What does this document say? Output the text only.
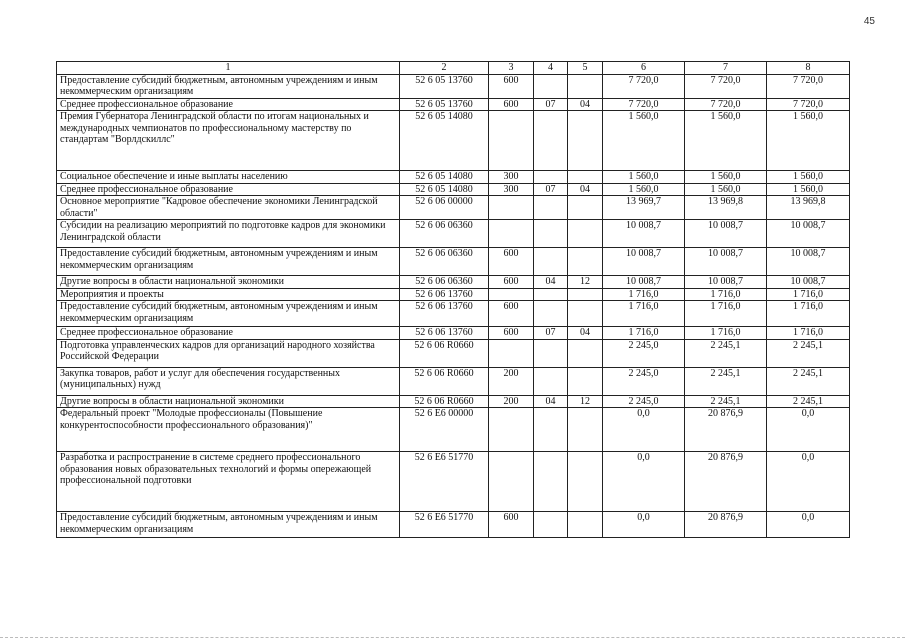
45
1	2	3	4	5	6	7	8
Предоставление субсидий бюджетным, автономным учреждениям и иным некоммерческим организациям	52 6 05 13760	600			7 720,0	7 720,0	7 720,0
Среднее профессиональное образование	52 6 05 13760	600	07	04	7 720,0	7 720,0	7 720,0
Премия Губернатора Ленинградской области по итогам национальных и международных чемпионатов по профессиональному мастерству по стандартам "Ворлдскиллс"	52 6 05 14080				1 560,0	1 560,0	1 560,0
Социальное обеспечение и иные выплаты населению	52 6 05 14080	300			1 560,0	1 560,0	1 560,0
Среднее профессиональное образование	52 6 05 14080	300	07	04	1 560,0	1 560,0	1 560,0
Основное мероприятие "Кадровое обеспечение экономики Ленинградской области"	52 6 06 00000				13 969,7	13 969,8	13 969,8
Субсидии на реализацию мероприятий по подготовке кадров для экономики Ленинградской области	52 6 06 06360				10 008,7	10 008,7	10 008,7
Предоставление субсидий бюджетным, автономным учреждениям и иным некоммерческим организациям	52 6 06 06360	600			10 008,7	10 008,7	10 008,7
Другие вопросы в области национальной экономики	52 6 06 06360	600	04	12	10 008,7	10 008,7	10 008,7
Мероприятия и проекты	52 6 06 13760				1 716,0	1 716,0	1 716,0
Предоставление субсидий бюджетным, автономным учреждениям и иным некоммерческим организациям	52 6 06 13760	600			1 716,0	1 716,0	1 716,0
Среднее профессиональное образование	52 6 06 13760	600	07	04	1 716,0	1 716,0	1 716,0
Подготовка управленческих кадров для организаций народного хозяйства Российской Федерации	52 6 06 R0660				2 245,0	2 245,1	2 245,1
Закупка товаров, работ и услуг для обеспечения государственных (муниципальных) нужд	52 6 06 R0660	200			2 245,0	2 245,1	2 245,1
Другие вопросы в области национальной экономики	52 6 06 R0660	200	04	12	2 245,0	2 245,1	2 245,1
Федеральный проект "Молодые профессионалы (Повышение конкурентоспособности профессионального образования)"	52 6 Е6 00000				0,0	20 876,9	0,0
Разработка и распространение в системе среднего профессионального образования новых образовательных технологий и формы опережающей профессиональной подготовки	52 6 Е6 51770				0,0	20 876,9	0,0
Предоставление субсидий бюджетным, автономным учреждениям и иным некоммерческим организациям	52 6 Е6 51770	600			0,0	20 876,9	0,0
